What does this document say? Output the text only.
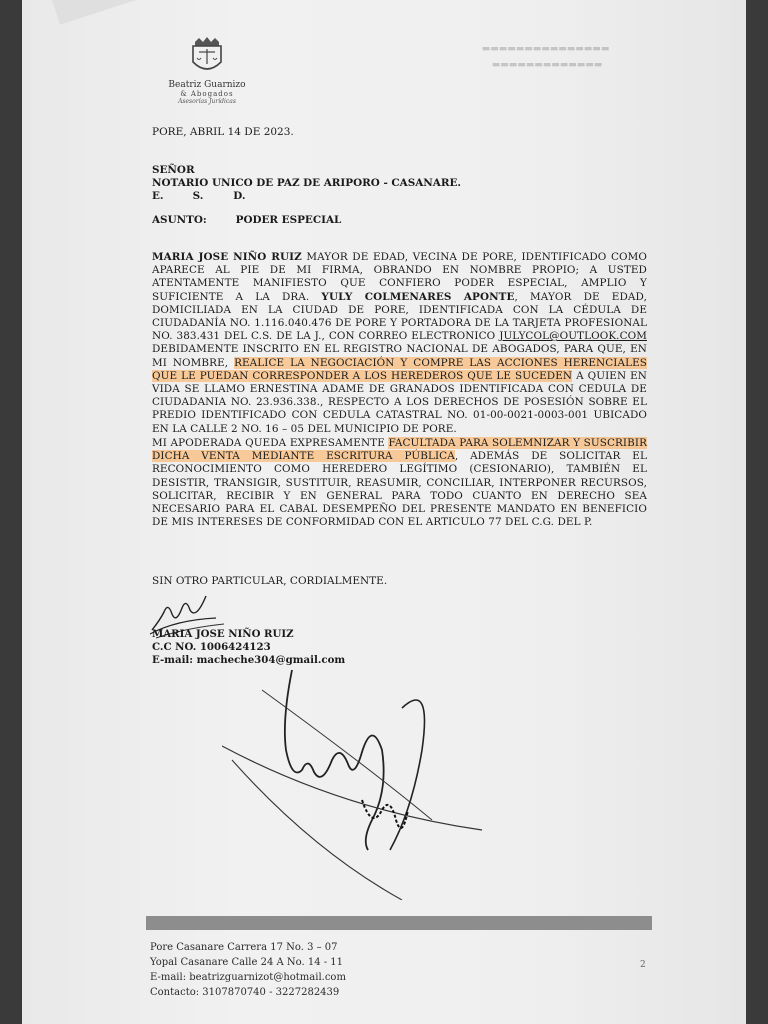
▬▬▬▬▬▬▬▬▬▬▬▬▬▬▬
▬▬▬▬▬▬▬▬▬▬▬▬▬
Beatriz Guarnizo
& Abogados
Asesorías Jurídicas
PORE, ABRIL 14 DE 2023.
SEÑOR
NOTARIO UNICO DE PAZ DE ARIPORO - CASANARE.
E.	S.	D.
ASUNTO:	PODER ESPECIAL
MARIA JOSE NIÑO RUIZ MAYOR DE EDAD, VECINA DE PORE, IDENTIFICADO COMO APARECE AL PIE DE MI FIRMA, OBRANDO EN NOMBRE PROPIO; A USTED ATENTAMENTE MANIFIESTO QUE CONFIERO PODER ESPECIAL, AMPLIO Y SUFICIENTE A LA DRA. YULY COLMENARES APONTE, MAYOR DE EDAD, DOMICILIADA EN LA CIUDAD DE PORE, IDENTIFICADA CON LA CÉDULA DE CIUDADANÍA NO. 1.116.040.476 DE PORE Y PORTADORA DE LA TARJETA PROFESIONAL NO. 383.431 DEL C.S. DE LA J., CON CORREO ELECTRONICO JULYCOL@OUTLOOK.COM DEBIDAMENTE INSCRITO EN EL REGISTRO NACIONAL DE ABOGADOS, PARA QUE, EN MI NOMBRE, REALICE LA NEGOCIACIÓN Y COMPRE LAS ACCIONES HERENCIALES QUE LE PUEDAN CORRESPONDER A LOS HEREDEROS QUE LE SUCEDEN A QUIEN EN VIDA SE LLAMO ERNESTINA ADAME DE GRANADOS IDENTIFICADA CON CEDULA DE CIUDADANIA NO. 23.936.338., RESPECTO A LOS DERECHOS DE POSESIÓN SOBRE EL PREDIO IDENTIFICADO CON CEDULA CATASTRAL NO. 01-00-0021-0003-001 UBICADO EN LA CALLE 2 NO. 16 – 05 DEL MUNICIPIO DE PORE.
MI APODERADA QUEDA EXPRESAMENTE FACULTADA PARA SOLEMNIZAR Y SUSCRIBIR DICHA VENTA MEDIANTE ESCRITURA PÚBLICA, ADEMÁS DE SOLICITAR EL RECONOCIMIENTO COMO HEREDERO LEGÍTIMO (CESIONARIO), TAMBIÉN EL DESISTIR, TRANSIGIR, SUSTITUIR, REASUMIR, CONCILIAR, INTERPONER RECURSOS, SOLICITAR, RECIBIR Y EN GENERAL PARA TODO CUANTO EN DERECHO SEA NECESARIO PARA EL CABAL DESEMPEÑO DEL PRESENTE MANDATO EN BENEFICIO DE MIS INTERESES DE CONFORMIDAD CON EL ARTICULO 77 DEL C.G. DEL P.
SIN OTRO PARTICULAR, CORDIALMENTE.
MARIA JOSE NIÑO RUIZ
C.C NO. 1006424123
E-mail: macheche304@gmail.com
Pore Casanare Carrera 17 No. 3 – 07
Yopal Casanare Calle 24 A No. 14 - 11
E-mail: beatrizguarnizot@hotmail.com
Contacto: 3107870740 - 3227282439
2
